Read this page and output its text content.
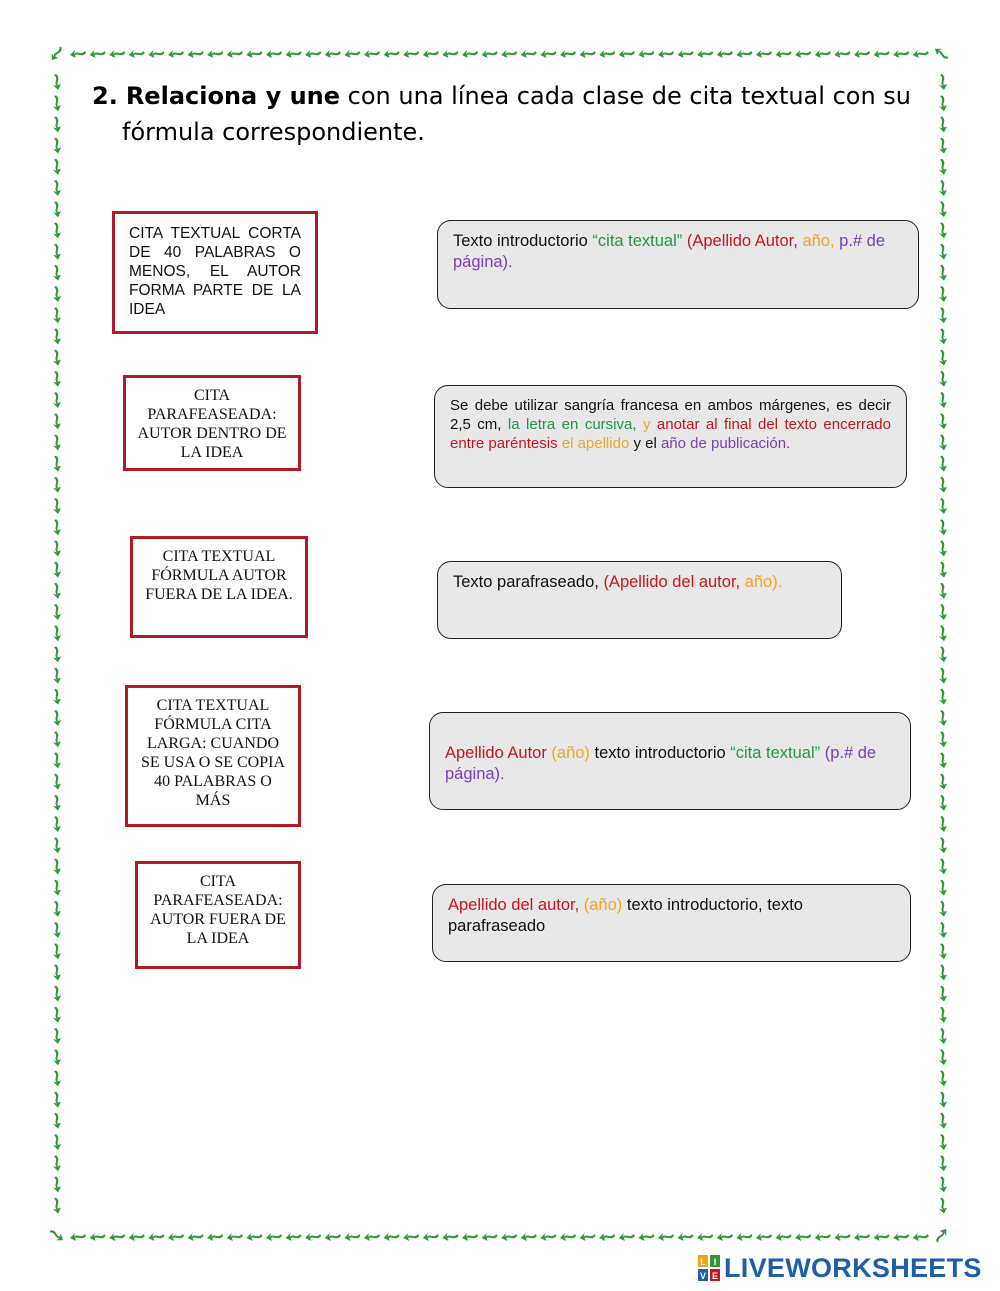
2. Relaciona y une con una línea cada clase de cita textual con su
fórmula correspondiente.
CITA TEXTUAL CORTA DE 40 PALABRAS O MENOS, EL AUTOR FORMA PARTE DE LA IDEA
CITA PARAFEASEADA: AUTOR DENTRO DE LA IDEA
CITA TEXTUAL FÓRMULA AUTOR FUERA DE LA IDEA.
CITA TEXTUAL FÓRMULA CITA LARGA: CUANDO SE USA O SE COPIA 40 PALABRAS O MÁS
CITA PARAFEASEADA: AUTOR FUERA DE LA IDEA
Texto introductorio “cita textual” (Apellido Autor, año, p.# de página).
Se debe utilizar sangría francesa en ambos márgenes, es decir 2,5 cm, la letra en cursiva, y anotar al final del texto encerrado entre paréntesis el apellido y el año de publicación.
Texto parafraseado, (Apellido del autor, año).
Apellido Autor (año) texto introductorio “cita textual” (p.# de página).
Apellido del autor, (año) texto introductorio, texto parafraseado
L I
V E LIVEWORKSHEETS
